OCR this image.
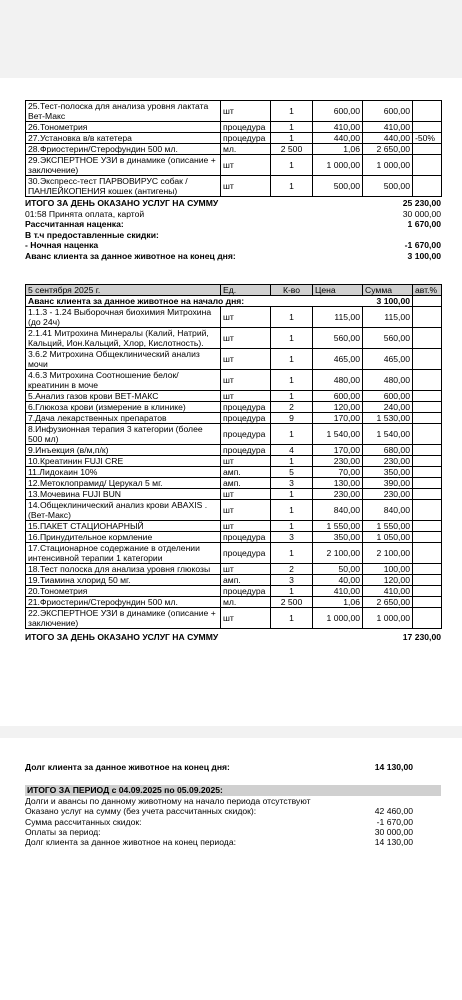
25.Тест-полоска для анализа уровня лактата Вет-Макс	шт	1	600,00	600,00	
26.Тонометрия	процедура	1	410,00	410,00	
27.Установка в/в катетера	процедура	1	440,00	440,00	-50%
28.Фриостерин/Стерофундин 500 мл.	мл.	2 500	1,06	2 650,00	
29.ЭКСПЕРТНОЕ УЗИ в динамике (описание + заключение)	шт	1	1 000,00	1 000,00	
30.Экспресс-тест ПАРВОВИРУС собак /ПАНЛЕЙКОПЕНИЯ кошек (антигены)	шт	1	500,00	500,00	
ИТОГО ЗА ДЕНЬ ОКАЗАНО УСЛУГ НА СУММУ	25 230,00
01:58 Принята оплата, картой	30 000,00
Рассчитанная наценка:	1 670,00
В т.ч предоставленные скидки:
- Ночная наценка	-1 670,00
Аванс клиента за данное животное на конец дня:	3 100,00
5 сентября 2025 г.	Ед.	К-во	Цена	Сумма	авт.%
Аванс клиента за данное животное на начало дня:				3 100,00	
1.1.3 - 1.24 Выборочная биохимия Митрохина (до 24ч)	шт	1	115,00	115,00	
2.1.41 Митрохина Минералы (Калий, Натрий, Кальций, Ион.Кальций, Хлор, Кислотность).	шт	1	560,00	560,00	
3.6.2 Митрохина Общеклинический анализ мочи	шт	1	465,00	465,00	
4.6.3 Митрохина Соотношение белок/креатинин в моче	шт	1	480,00	480,00	
5.Анализ газов крови ВЕТ-МАКС	шт	1	600,00	600,00	
6.Глюкоза крови (измерение в клинике)	процедура	2	120,00	240,00	
7.Дача лекарственных препаратов	процедура	9	170,00	1 530,00	
8.Инфузионная терапия 3 категории (более 500 мл)	процедура	1	1 540,00	1 540,00	
9.Инъекция (в/м,п/к)	процедура	4	170,00	680,00	
10.Креатинин FUJI CRE	шт	1	230,00	230,00	
11.Лидокаин 10%	амп.	5	70,00	350,00	
12.Метоклопрамид/ Церукал 5 мг.	амп.	3	130,00	390,00	
13.Мочевина FUJI BUN	шт	1	230,00	230,00	
14.Общеклинический анализ крови ABAXIS . (Вет-Макс)	шт	1	840,00	840,00	
15.ПАКЕТ СТАЦИОНАРНЫЙ	шт	1	1 550,00	1 550,00	
16.Принудительное кормление	процедура	3	350,00	1 050,00	
17.Стационарное содержание в отделении интенсивной терапии 1 категории	процедура	1	2 100,00	2 100,00	
18.Тест полоска для анализа уровня глюкозы	шт	2	50,00	100,00	
19.Тиамина хлорид 50 мг.	амп.	3	40,00	120,00	
20.Тонометрия	процедура	1	410,00	410,00	
21.Фриостерин/Стерофундин 500 мл.	мл.	2 500	1,06	2 650,00	
22.ЭКСПЕРТНОЕ УЗИ в динамике (описание + заключение)	шт	1	1 000,00	1 000,00	
ИТОГО ЗА ДЕНЬ ОКАЗАНО УСЛУГ НА СУММУ	17 230,00
Долг клиента за данное животное на конец дня:	14 130,00
ИТОГО ЗА ПЕРИОД с 04.09.2025 по 05.09.2025:
Долги и авансы по данному животному на начало периода отсутствуют
Оказано услуг на сумму (без учета рассчитанных скидок):	42 460,00
Сумма рассчитанных скидок:	-1 670,00
Оплаты за период:	30 000,00
Долг клиента за данное животное на конец периода:	14 130,00
